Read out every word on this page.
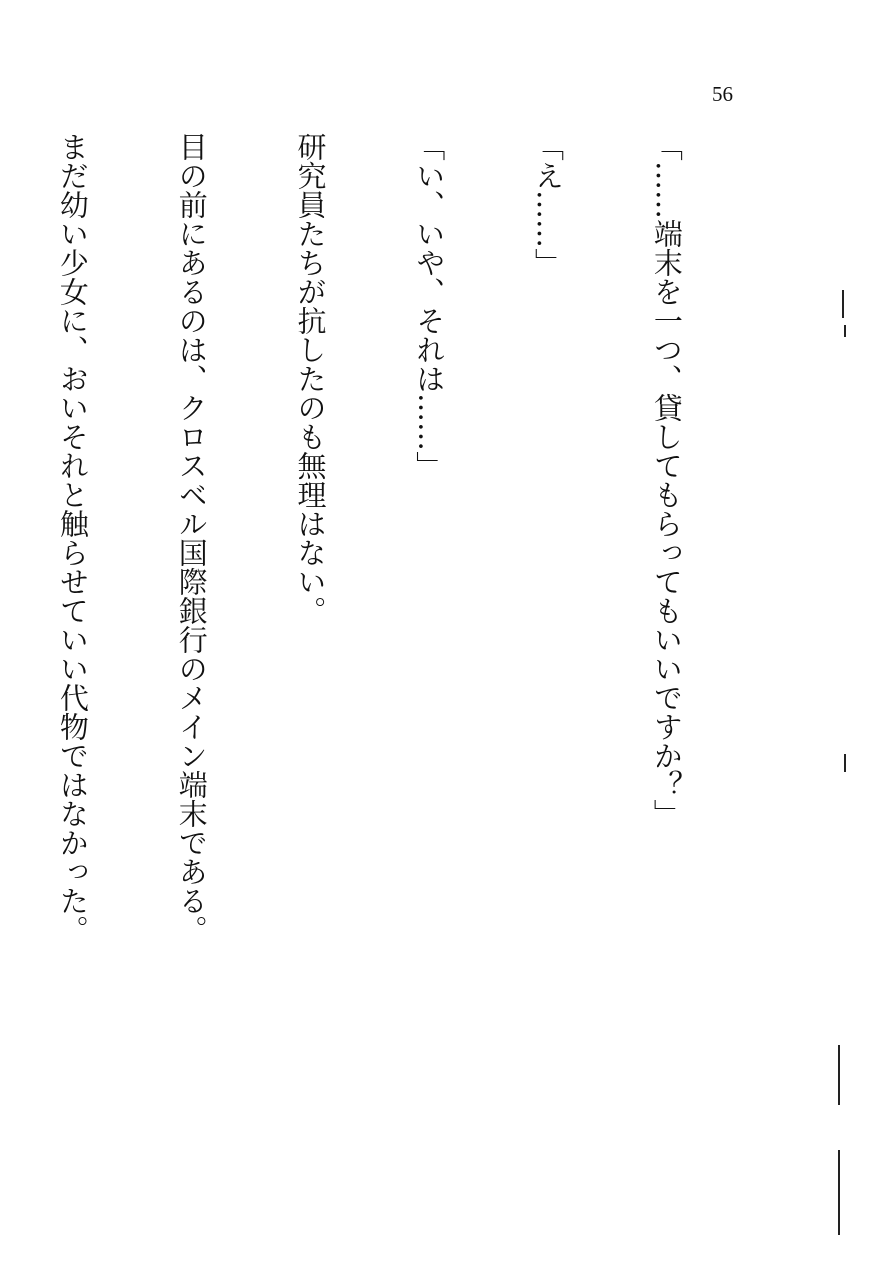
56

「……端末を一つ、貸してもらってもいいですか？」

「え……」

「い、いや、それは……」

研究員たちが抗したのも無理はない。

目の前にあるのは、クロスベル国際銀行のメイン端末である。

まだ幼い少女に、おいそれと触らせていい代物ではなかった。
